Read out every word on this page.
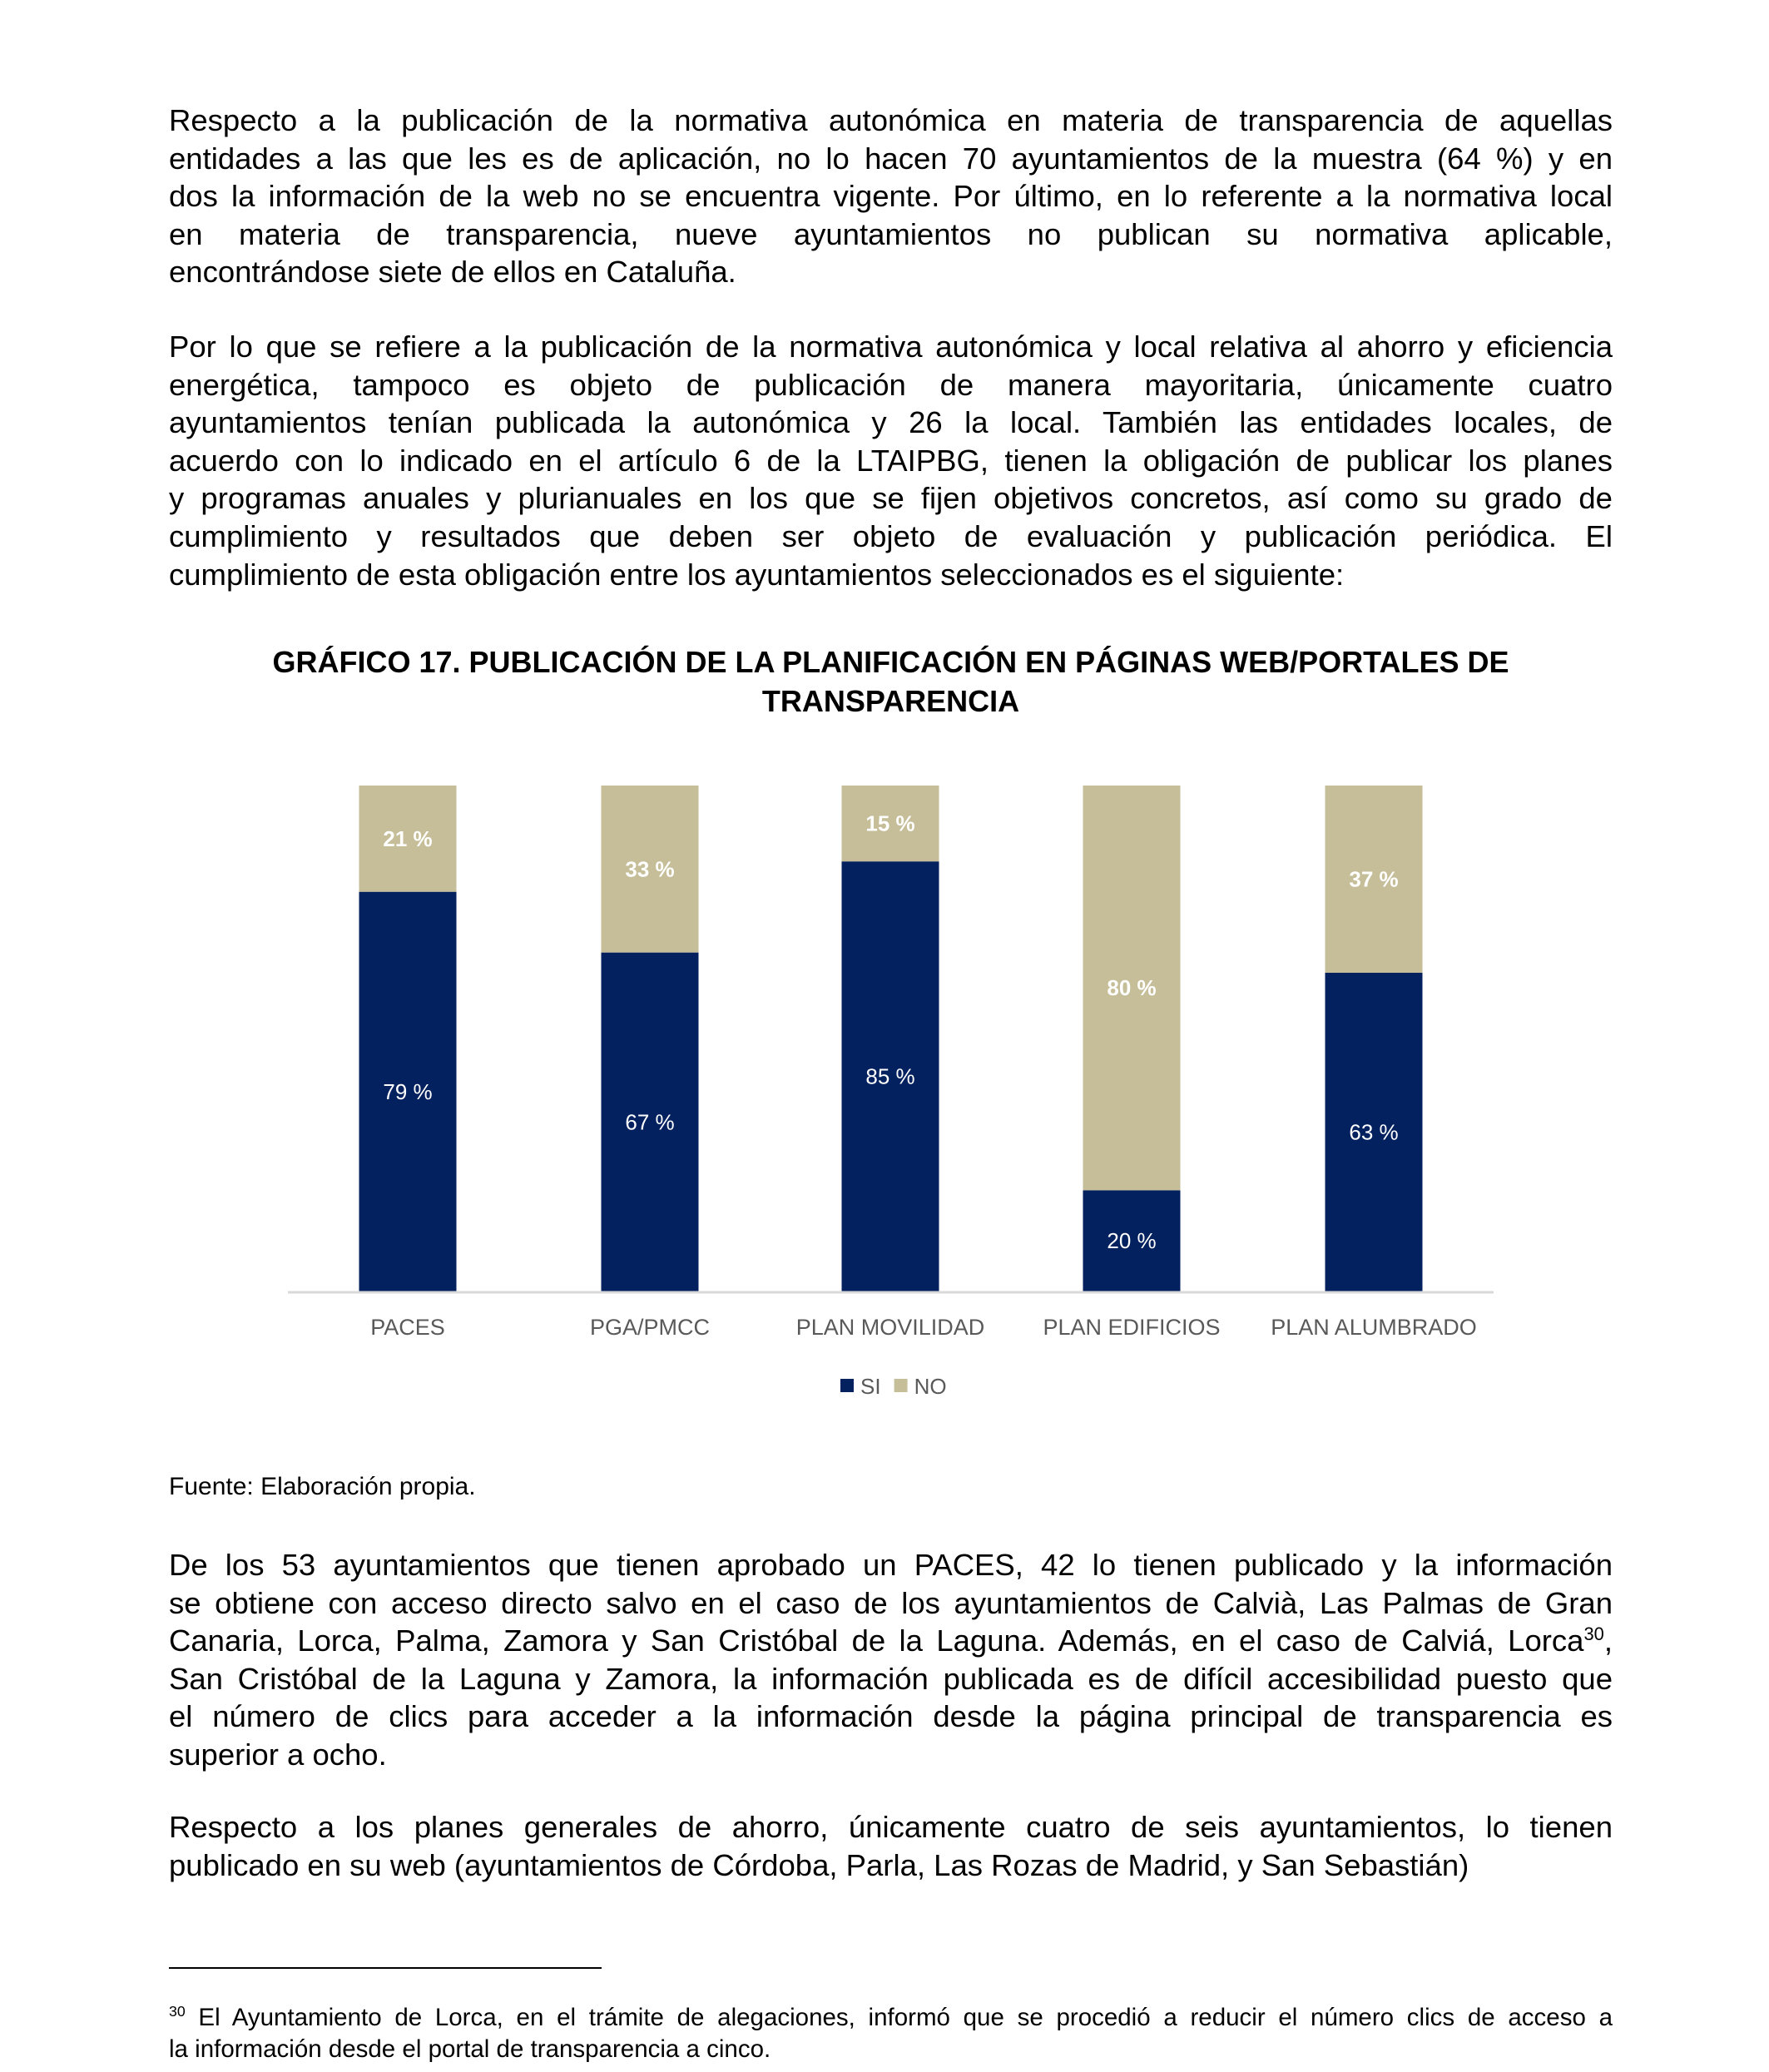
Respecto a la publicación de la normativa autonómica en materia de transparencia de aquellas
entidades a las que les es de aplicación, no lo hacen 70 ayuntamientos de la muestra (64 %) y en
dos la información de la web no se encuentra vigente. Por último, en lo referente a la normativa local
en materia de transparencia, nueve ayuntamientos no publican su normativa aplicable,
encontrándose siete de ellos en Cataluña.
Por lo que se refiere a la publicación de la normativa autonómica y local relativa al ahorro y eficiencia
energética, tampoco es objeto de publicación de manera mayoritaria, únicamente cuatro
ayuntamientos tenían publicada la autonómica y 26 la local. También las entidades locales, de
acuerdo con lo indicado en el artículo 6 de la LTAIPBG, tienen la obligación de publicar los planes
y programas anuales y plurianuales en los que se fijen objetivos concretos, así como su grado de
cumplimiento y resultados que deben ser objeto de evaluación y publicación periódica. El
cumplimiento de esta obligación entre los ayuntamientos seleccionados es el siguiente:
De los 53 ayuntamientos que tienen aprobado un PACES, 42 lo tienen publicado y la información
se obtiene con acceso directo salvo en el caso de los ayuntamientos de Calvià, Las Palmas de Gran
Canaria, Lorca, Palma, Zamora y San Cristóbal de la Laguna. Además, en el caso de Calviá, Lorca$^{30}$,
San Cristóbal de la Laguna y Zamora, la información publicada es de difícil accesibilidad puesto que
el número de clics para acceder a la información desde la página principal de transparencia es
superior a ocho.
Respecto a los planes generales de ahorro, únicamente cuatro de seis ayuntamientos, lo tienen
publicado en su web (ayuntamientos de Córdoba, Parla, Las Rozas de Madrid, y San Sebastián)
GRÁFICO 17. PUBLICACIÓN DE LA PLANIFICACIÓN EN PÁGINAS WEB/PORTALES DE
TRANSPARENCIA
79 %
21 %
PACES
67 %
33 %
PGA/PMCC
85 %
15 %
PLAN MOVILIDAD
20 %
80 %
PLAN EDIFICIOS
63 %
37 %
PLAN ALUMBRADO
SI NO
Fuente: Elaboración propia.
$^{30}$ El Ayuntamiento de Lorca, en el trámite de alegaciones, informó que se procedió a reducir el número clics de acceso a
la información desde el portal de transparencia a cinco.
